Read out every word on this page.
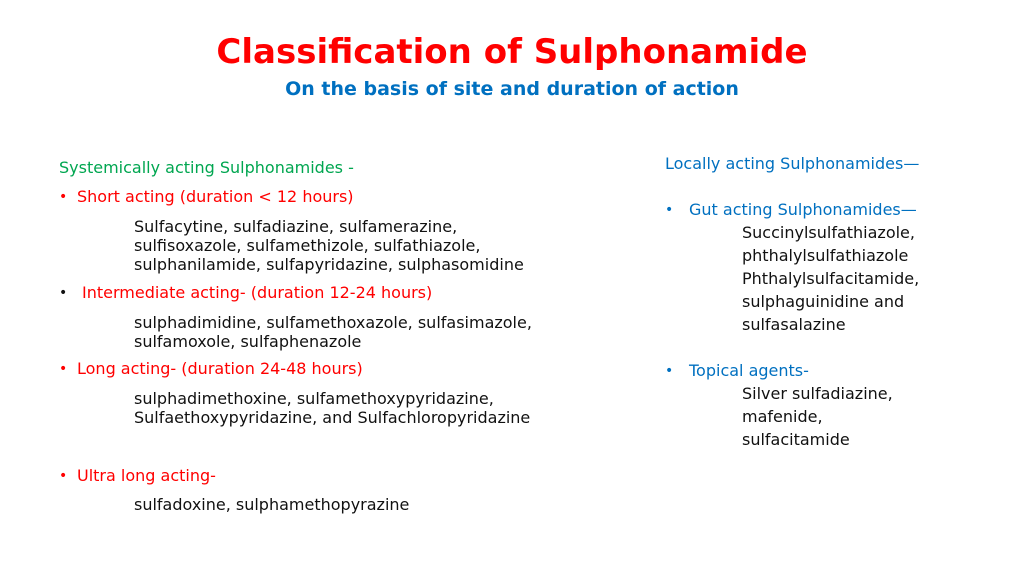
Classification of Sulphonamide
On the basis of site and duration of action
Systemically acting Sulphonamides -
• Short acting (duration < 12 hours)
Sulfacytine, sulfadiazine, sulfamerazine,
sulfisoxazole, sulfamethizole, sulfathiazole,
sulphanilamide, sulfapyridazine, sulphasomidine
• Intermediate acting- (duration 12-24 hours)
sulphadimidine, sulfamethoxazole, sulfasimazole,
sulfamoxole, sulfaphenazole
• Long acting- (duration 24-48 hours)
sulphadimethoxine, sulfamethoxypyridazine,
Sulfaethoxypyridazine, and Sulfachloropyridazine
• Ultra long acting-
sulfadoxine, sulphamethopyrazine
Locally acting Sulphonamides—
• Gut acting Sulphonamides—
Succinylsulfathiazole,
phthalylsulfathiazole
Phthalylsulfacitamide,
sulphaguinidine and
sulfasalazine
• Topical agents-
Silver sulfadiazine,
mafenide,
sulfacitamide
